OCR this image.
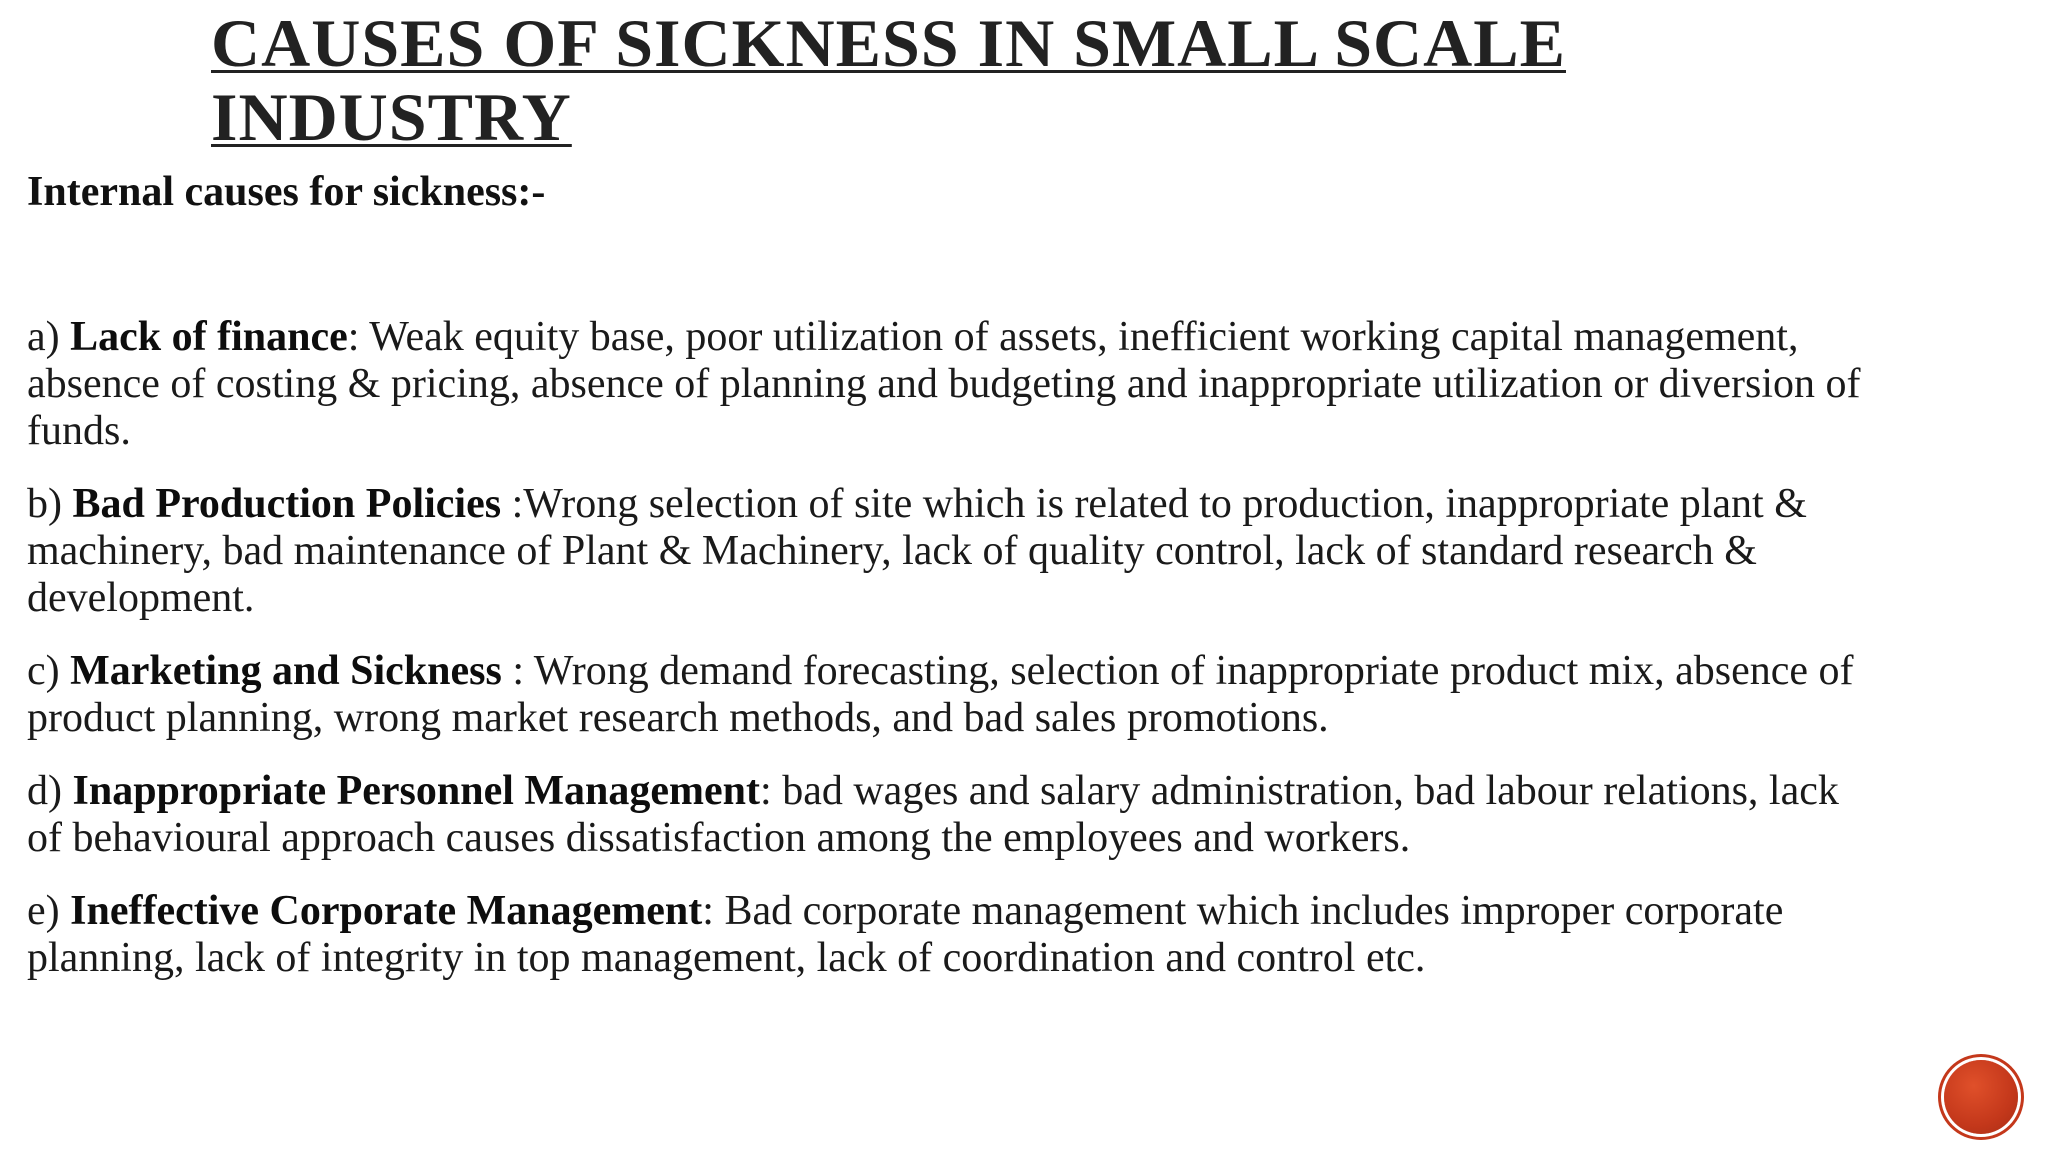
CAUSES OF SICKNESS IN SMALL SCALE INDUSTRY

Internal causes for sickness:-

a) Lack of finance: Weak equity base, poor utilization of assets, inefficient working capital management, absence of costing & pricing, absence of planning and budgeting and inappropriate utilization or diversion of funds.
b) Bad Production Policies :Wrong selection of site which is related to production, inappropriate plant & machinery, bad maintenance of Plant & Machinery, lack of quality control, lack of standard research & development.
c) Marketing and Sickness : Wrong demand forecasting, selection of inappropriate product mix, absence of product planning, wrong market research methods, and bad sales promotions.
d) Inappropriate Personnel Management: bad wages and salary administration, bad labour relations, lack of behavioural approach causes dissatisfaction among the employees and workers.
e) Ineffective Corporate Management: Bad corporate management which includes improper corporate planning, lack of integrity in top management, lack of coordination and control etc.
